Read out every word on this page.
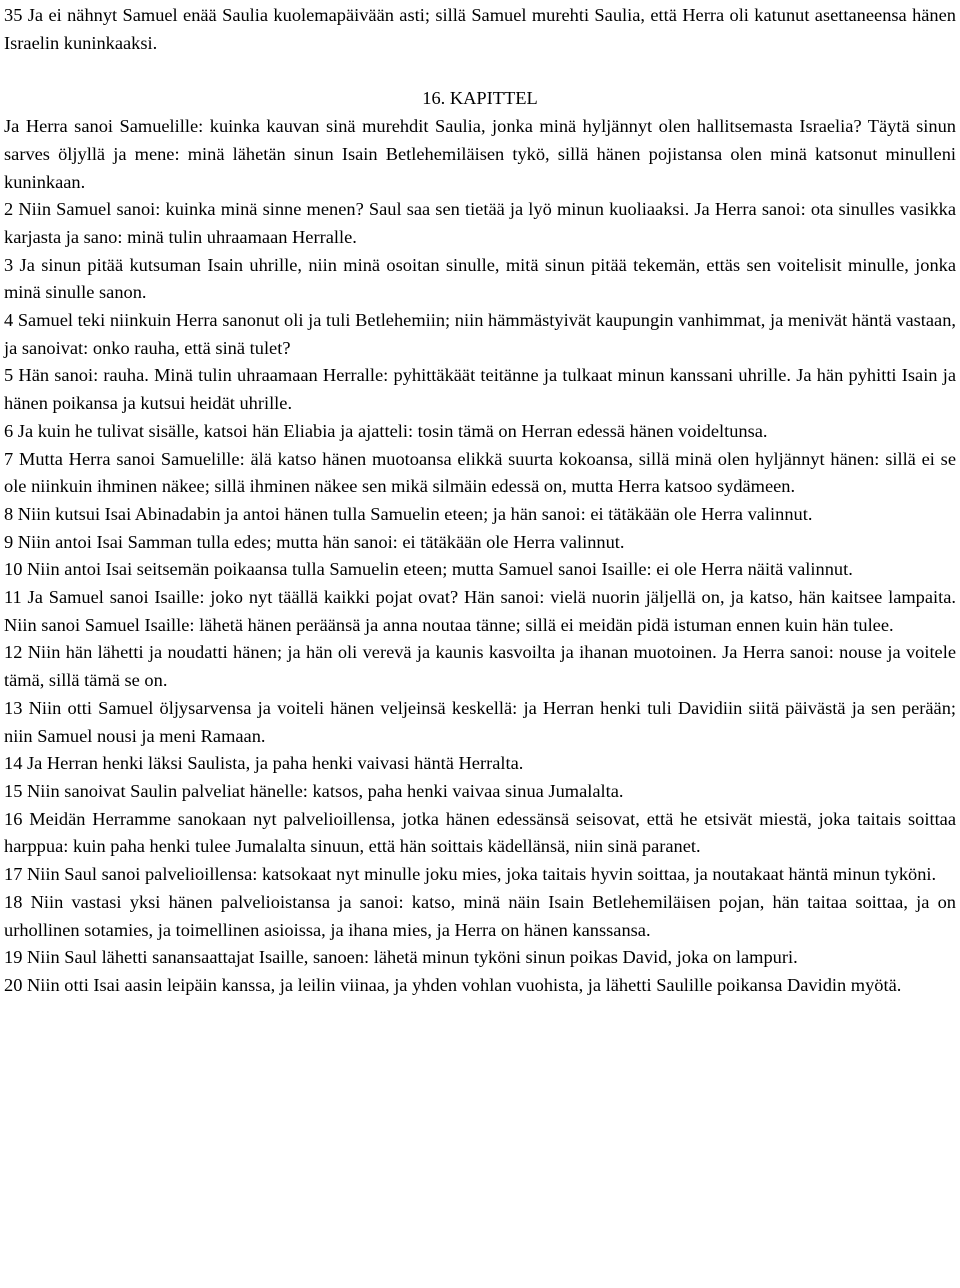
35 Ja ei nähnyt Samuel enää Saulia kuolemapäivään asti; sillä Samuel murehti Saulia, että Herra oli katunut asettaneensa hänen Israelin kuninkaaksi.

16. KAPITTEL

Ja Herra sanoi Samuelille: kuinka kauvan sinä murehdit Saulia, jonka minä hyljännyt olen hallitsemasta Israelia? Täytä sinun sarves öljyllä ja mene: minä lähetän sinun Isain Betlehemiläisen tykö, sillä hänen pojistansa olen minä katsonut minulleni kuninkaan.

2 Niin Samuel sanoi: kuinka minä sinne menen? Saul saa sen tietää ja lyö minun kuoliaaksi. Ja Herra sanoi: ota sinulles vasikka karjasta ja sano: minä tulin uhraamaan Herralle.

3 Ja sinun pitää kutsuman Isain uhrille, niin minä osoitan sinulle, mitä sinun pitää tekemän, ettäs sen voitelisit minulle, jonka minä sinulle sanon.

4 Samuel teki niinkuin Herra sanonut oli ja tuli Betlehemiin; niin hämmästyivät kaupungin vanhimmat, ja menivät häntä vastaan, ja sanoivat: onko rauha, että sinä tulet?

5 Hän sanoi: rauha. Minä tulin uhraamaan Herralle: pyhittäkäät teitänne ja tulkaat minun kanssani uhrille. Ja hän pyhitti Isain ja hänen poikansa ja kutsui heidät uhrille.

6 Ja kuin he tulivat sisälle, katsoi hän Eliabia ja ajatteli: tosin tämä on Herran edessä hänen voideltunsa.

7 Mutta Herra sanoi Samuelille: älä katso hänen muotoansa elikkä suurta kokoansa, sillä minä olen hyljännyt hänen: sillä ei se ole niinkuin ihminen näkee; sillä ihminen näkee sen mikä silmäin edessä on, mutta Herra katsoo sydämeen.

8 Niin kutsui Isai Abinadabin ja antoi hänen tulla Samuelin eteen; ja hän sanoi: ei tätäkään ole Herra valinnut.

9 Niin antoi Isai Samman tulla edes; mutta hän sanoi: ei tätäkään ole Herra valinnut.

10 Niin antoi Isai seitsemän poikaansa tulla Samuelin eteen; mutta Samuel sanoi Isaille: ei ole Herra näitä valinnut.

11 Ja Samuel sanoi Isaille: joko nyt täällä kaikki pojat ovat? Hän sanoi: vielä nuorin jäljellä on, ja katso, hän kaitsee lampaita. Niin sanoi Samuel Isaille: lähetä hänen peräänsä ja anna noutaa tänne; sillä ei meidän pidä istuman ennen kuin hän tulee.

12 Niin hän lähetti ja noudatti hänen; ja hän oli verevä ja kaunis kasvoilta ja ihanan muotoinen. Ja Herra sanoi: nouse ja voitele tämä, sillä tämä se on.

13 Niin otti Samuel öljysarvensa ja voiteli hänen veljeinsä keskellä: ja Herran henki tuli Davidiin siitä päivästä ja sen perään; niin Samuel nousi ja meni Ramaan.

14 Ja Herran henki läksi Saulista, ja paha henki vaivasi häntä Herralta.

15 Niin sanoivat Saulin palveliat hänelle: katsos, paha henki vaivaa sinua Jumalalta.

16 Meidän Herramme sanokaan nyt palvelioillensa, jotka hänen edessänsä seisovat, että he etsivät miestä, joka taitais soittaa harppua: kuin paha henki tulee Jumalalta sinuun, että hän soittais kädellänsä, niin sinä paranet.

17 Niin Saul sanoi palvelioillensa: katsokaat nyt minulle joku mies, joka taitais hyvin soittaa, ja noutakaat häntä minun tyköni.

18 Niin vastasi yksi hänen palvelioistansa ja sanoi: katso, minä näin Isain Betlehemiläisen pojan, hän taitaa soittaa, ja on urhollinen sotamies, ja toimellinen asioissa, ja ihana mies, ja Herra on hänen kanssansa.

19 Niin Saul lähetti sanansaattajat Isaille, sanoen: lähetä minun tyköni sinun poikas David, joka on lampuri.

20 Niin otti Isai aasin leipäin kanssa, ja leilin viinaa, ja yhden vohlan vuohista, ja lähetti Saulille poikansa Davidin myötä.
